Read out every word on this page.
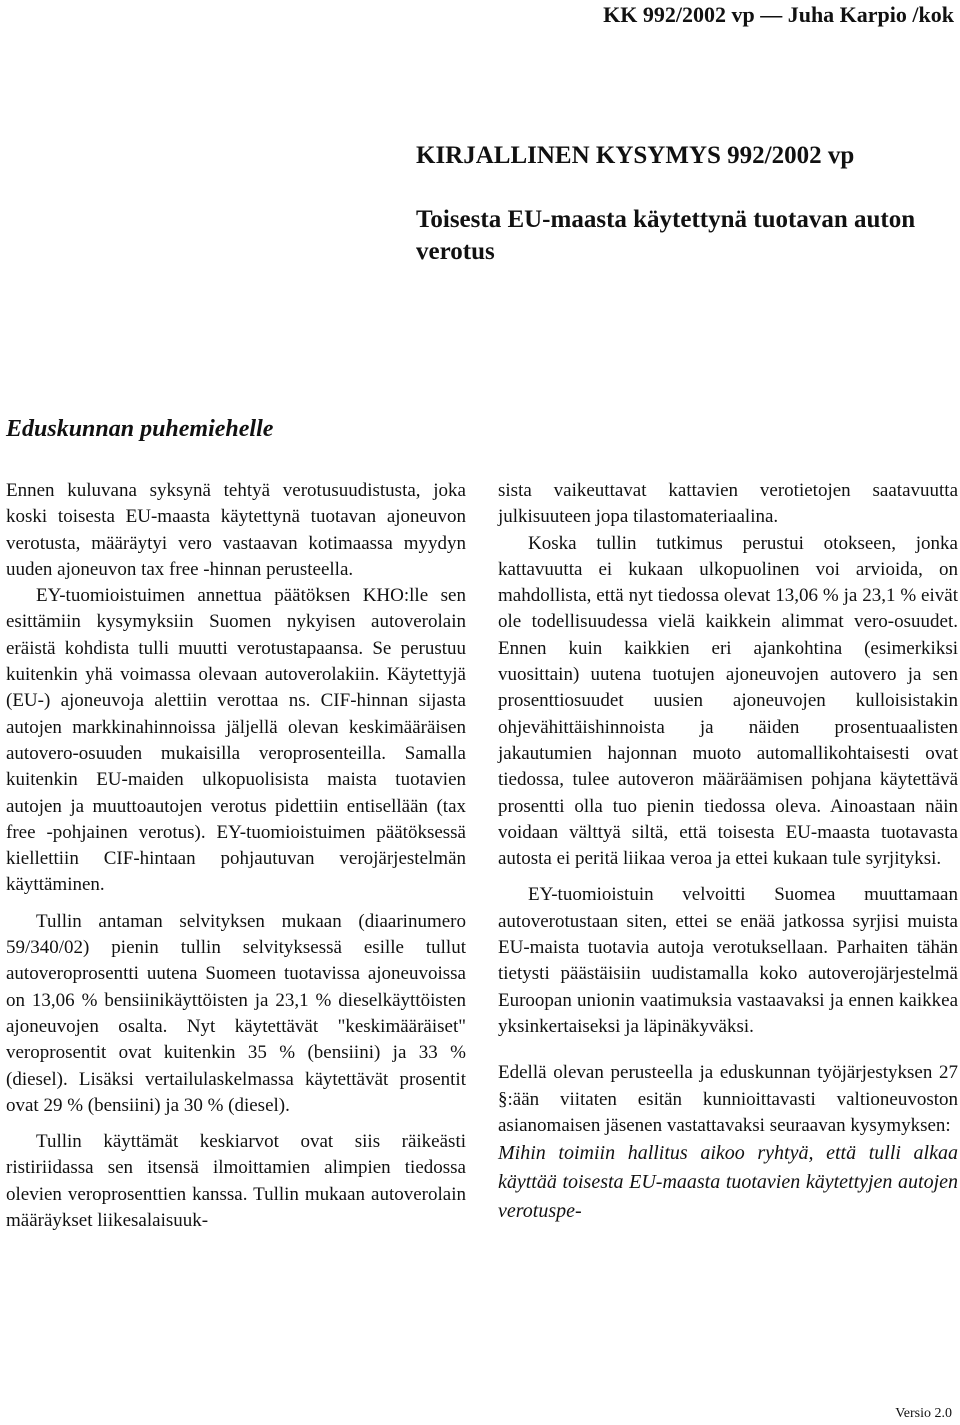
KK 992/2002 vp — Juha Karpio /kok
KIRJALLINEN KYSYMYS 992/2002 vp
Toisesta EU-maasta käytettynä tuotavan auton verotus
Eduskunnan puhemiehelle

Ennen kuluvana syksynä tehtyä verotusuudistusta, joka koski toisesta EU-maasta käytettynä tuotavan ajoneuvon verotusta, määräytyi vero vastaavan kotimaassa myydyn uuden ajoneuvon tax free -hinnan perusteella.

EY-tuomioistuimen annettua päätöksen KHO:lle sen esittämiin kysymyksiin Suomen nykyisen autoverolain eräistä kohdista tulli muutti verotustapaansa. Se perustuu kuitenkin yhä voimassa olevaan autoverolakiin. Käytettyjä (EU-) ajoneuvoja alettiin verottaa ns. CIF-hinnan sijasta autojen markkinahinnoissa jäljellä olevan keskimääräisen autovero-osuuden mukaisilla veroprosenteilla. Samalla kuitenkin EU-maiden ulkopuolisista maista tuotavien autojen ja muuttoautojen verotus pidettiin entisellään (tax free -pohjainen verotus). EY-tuomioistuimen päätöksessä kiellettiin CIF-hintaan pohjautuvan verojärjestelmän käyttäminen.

Tullin antaman selvityksen mukaan (diaarinumero 59/340/02) pienin tullin selvityksessä esille tullut autoveroprosentti uutena Suomeen tuotavissa ajoneuvoissa on 13,06 % bensiinikäyttöisten ja 23,1 % dieselkäyttöisten ajoneuvojen osalta. Nyt käytettävät "keskimääräiset" veroprosentit ovat kuitenkin 35 % (bensiini) ja 33 % (diesel). Lisäksi vertailulaskelmassa käytettävät prosentit ovat 29 % (bensiini) ja 30 % (diesel).

Tullin käyttämät keskiarvot ovat siis räikeästi ristiriidassa sen itsensä ilmoittamien alimpien tiedossa olevien veroprosenttien kanssa. Tullin mukaan autoverolain määräykset liikesalaisuuk-

sista vaikeuttavat kattavien verotietojen saatavuutta julkisuuteen jopa tilastomateriaalina.

Koska tullin tutkimus perustui otokseen, jonka kattavuutta ei kukaan ulkopuolinen voi arvioida, on mahdollista, että nyt tiedossa olevat 13,06 % ja 23,1 % eivät ole todellisuudessa vielä kaikkein alimmat vero-osuudet. Ennen kuin kaikkien eri ajankohtina (esimerkiksi vuosittain) uutena tuotujen ajoneuvojen autovero ja sen prosenttiosuudet uusien ajoneuvojen kulloisistakin ohjevähittäishinnoista ja näiden prosentuaalisten jakautumien hajonnan muoto automallikohtaisesti ovat tiedossa, tulee autoveron määräämisen pohjana käytettävä prosentti olla tuo pienin tiedossa oleva. Ainoastaan näin voidaan välttyä siltä, että toisesta EU-maasta tuotavasta autosta ei peritä liikaa veroa ja ettei kukaan tule syrjityksi.

EY-tuomioistuin velvoitti Suomea muuttamaan autoverotustaan siten, ettei se enää jatkossa syrjisi muista EU-maista tuotavia autoja verotuksellaan. Parhaiten tähän tietysti päästäisiin uudistamalla koko autoverojärjestelmä Euroopan unionin vaatimuksia vastaavaksi ja ennen kaikkea yksinkertaiseksi ja läpinäkyväksi.

Edellä olevan perusteella ja eduskunnan työjärjestyksen 27 §:ään viitaten esitän kunnioittavasti valtioneuvoston asianomaisen jäsenen vastattavaksi seuraavan kysymyksen:

Mihin toimiin hallitus aikoo ryhtyä, että tulli alkaa käyttää toisesta EU-maasta tuotavien käytettyjen autojen verotuspe-

Versio 2.0
